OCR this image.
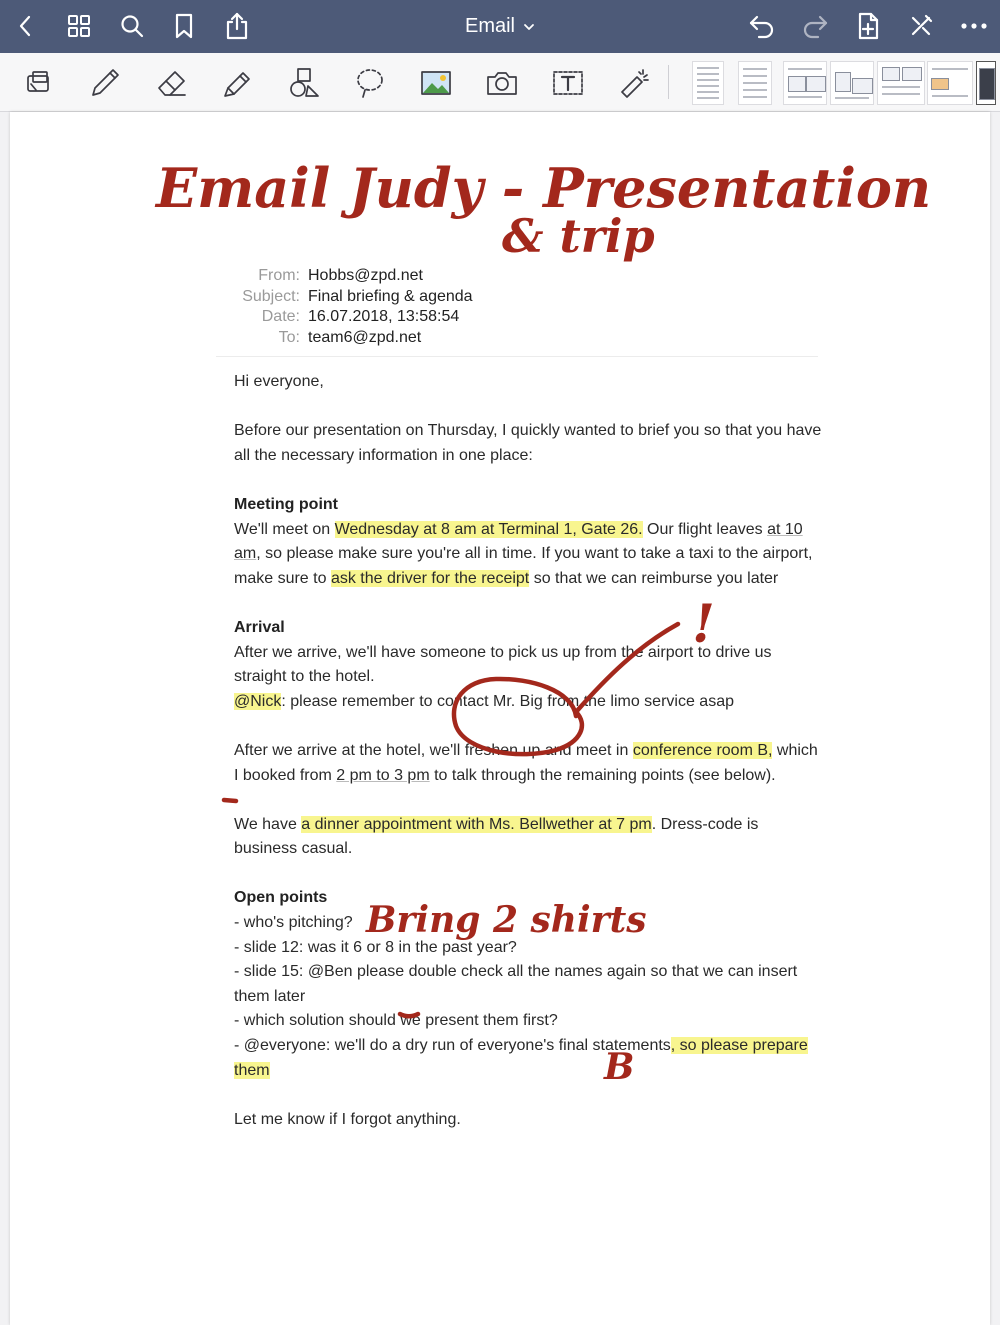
Email
From: Hobbs@zpd.net
Subject: Final briefing & agenda
Date: 16.07.2018, 13:58:54
To: team6@zpd.net

Hi everyone,

Before our presentation on Thursday, I quickly wanted to brief you so that you have all the necessary information in one place:

Meeting point

We'll meet on Wednesday at 8 am at Terminal 1, Gate 26. Our flight leaves at 10 am, so please make sure you're all in time. If you want to take a taxi to the airport, make sure to ask the driver for the receipt so that we can reimburse you later

Arrival

After we arrive, we'll have someone to pick us up from the airport to drive us straight to the hotel.
@Nick: please remember to contact Mr. Big from the limo service asap

After we arrive at the hotel, we'll freshen up and meet in conference room B, which I booked from 2 pm to 3 pm to talk through the remaining points (see below).

We have a dinner appointment with Ms. Bellwether at 7 pm. Dress-code is business casual.

Open points
- who's pitching?
- slide 12: was it 6 or 8 in the past year?
- slide 15: @Ben please double check all the names again so that we can insert them later
- which solution should we present them first?

- @everyone: we'll do a dry run of everyone's final statements, so please prepare them

Let me know if I forgot anything.

Email Judy - Presentation
& trip
!
Bring 2 shirts
B
